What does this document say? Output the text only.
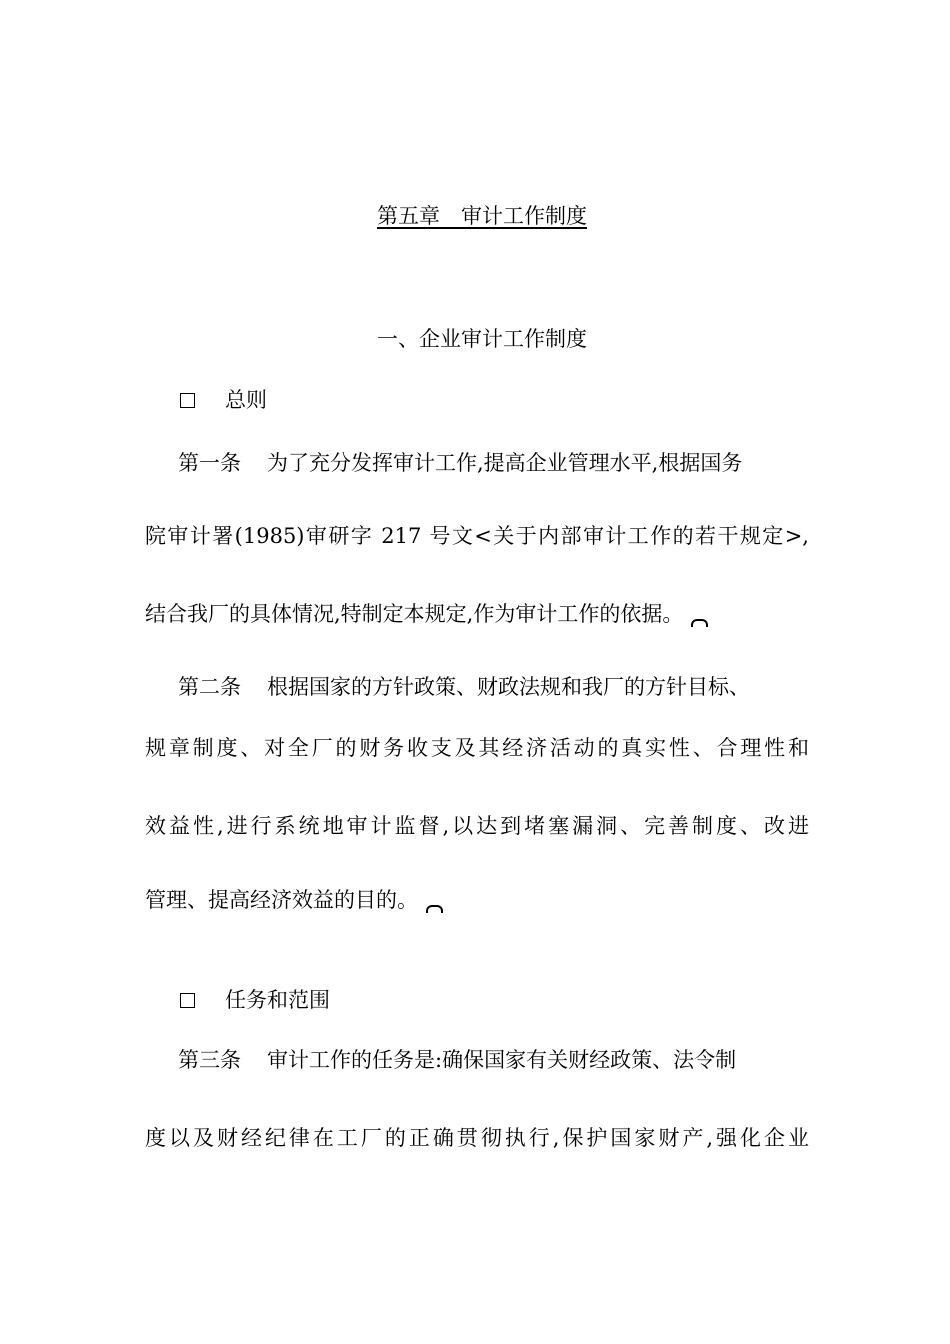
第五章　审计工作制度
一、企业审计工作制度
总则
第一条 为了充分发挥审计工作,提高企业管理水平,根据国务
院审计署(1985)审研字 217 号文<关于内部审计工作的若干规定>,
结合我厂的具体情况,特制定本规定,作为审计工作的依据。
第二条 根据国家的方针政策、财政法规和我厂的方针目标、
规章制度、对全厂的财务收支及其经济活动的真实性、合理性和
效益性,进行系统地审计监督,以达到堵塞漏洞、完善制度、改进
管理、提高经济效益的目的。
任务和范围
第三条 审计工作的任务是:确保国家有关财经政策、法令制
度以及财经纪律在工厂的正确贯彻执行,保护国家财产,强化企业
